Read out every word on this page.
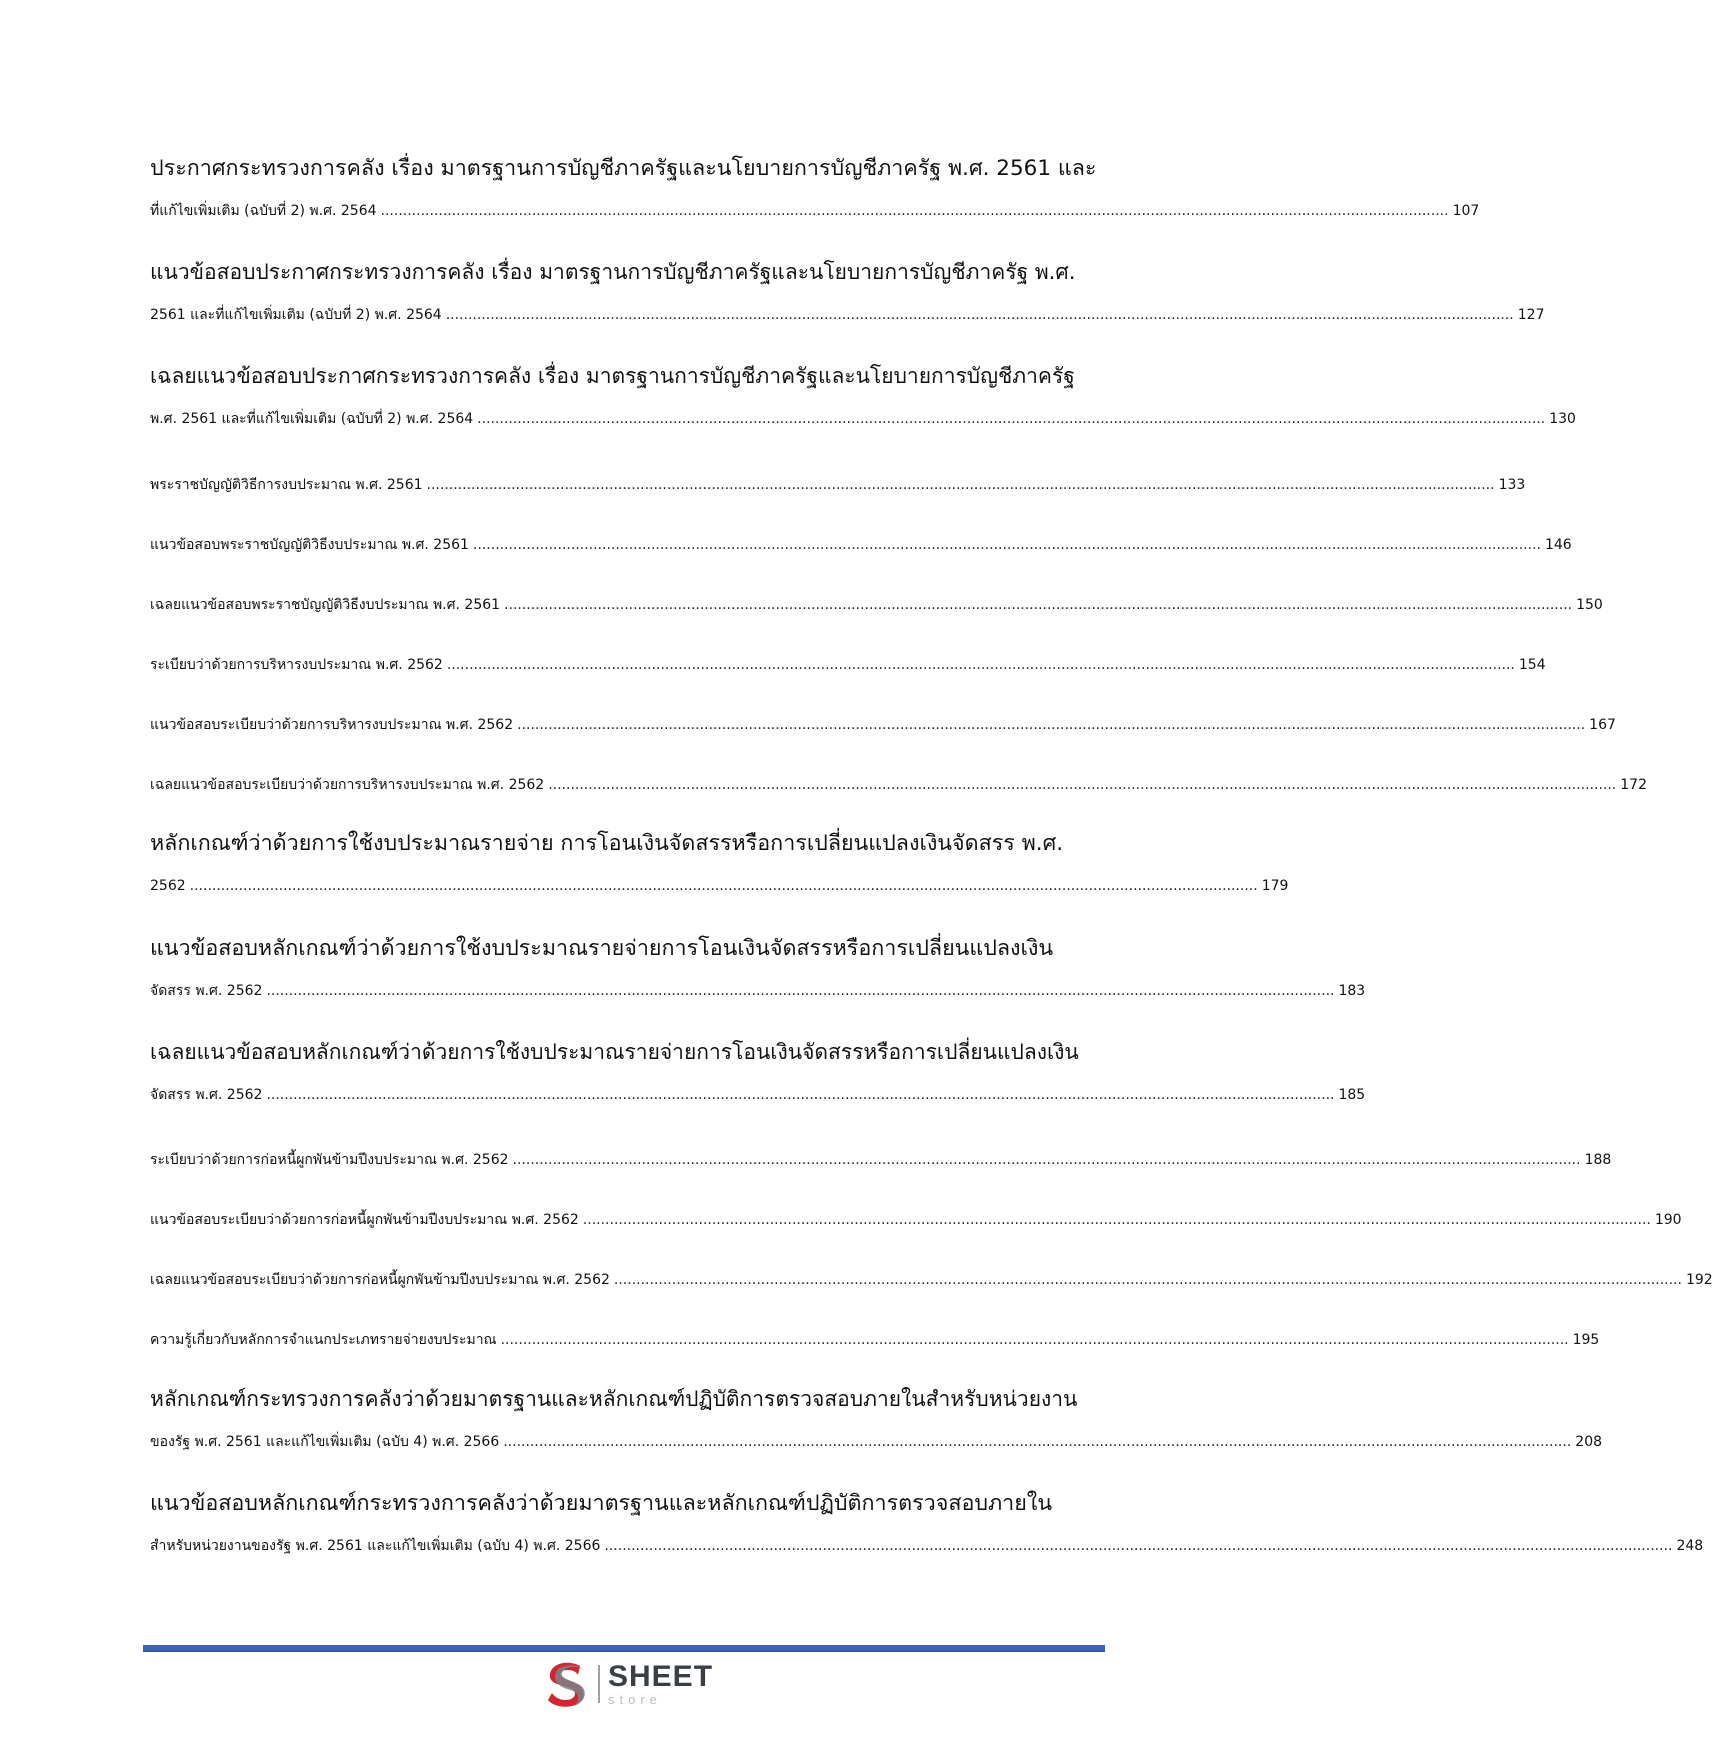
ประกาศกระทรวงการคลัง เรื่อง มาตรฐานการบัญชีภาครัฐและนโยบายการบัญชีภาครัฐ พ.ศ. 2561 และ
ที่แก้ไขเพิ่มเติม (ฉบับที่ 2) พ.ศ. 2564 .....	107
แนวข้อสอบประกาศกระทรวงการคลัง เรื่อง มาตรฐานการบัญชีภาครัฐและนโยบายการบัญชีภาครัฐ พ.ศ.
2561 และที่แก้ไขเพิ่มเติม (ฉบับที่ 2) พ.ศ. 2564 .....	127
เฉลยแนวข้อสอบประกาศกระทรวงการคลัง เรื่อง มาตรฐานการบัญชีภาครัฐและนโยบายการบัญชีภาครัฐ
พ.ศ. 2561 และที่แก้ไขเพิ่มเติม (ฉบับที่ 2) พ.ศ. 2564 .....	130
พระราชบัญญัติวิธีการงบประมาณ พ.ศ. 2561 .....	133
แนวข้อสอบพระราชบัญญัติวิธีงบประมาณ พ.ศ. 2561 .....	146
เฉลยแนวข้อสอบพระราชบัญญัติวิธีงบประมาณ พ.ศ. 2561 .....	150
ระเบียบว่าด้วยการบริหารงบประมาณ พ.ศ. 2562 .....	154
แนวข้อสอบระเบียบว่าด้วยการบริหารงบประมาณ พ.ศ. 2562 .....	167
เฉลยแนวข้อสอบระเบียบว่าด้วยการบริหารงบประมาณ พ.ศ. 2562 .....	172
หลักเกณฑ์ว่าด้วยการใช้งบประมาณรายจ่าย การโอนเงินจัดสรรหรือการเปลี่ยนแปลงเงินจัดสรร พ.ศ.
2562 .....	179
แนวข้อสอบหลักเกณฑ์ว่าด้วยการใช้งบประมาณรายจ่ายการโอนเงินจัดสรรหรือการเปลี่ยนแปลงเงิน
จัดสรร พ.ศ. 2562 .....	183
เฉลยแนวข้อสอบหลักเกณฑ์ว่าด้วยการใช้งบประมาณรายจ่ายการโอนเงินจัดสรรหรือการเปลี่ยนแปลงเงิน
จัดสรร พ.ศ. 2562 .....	185
ระเบียบว่าด้วยการก่อหนี้ผูกพันข้ามปีงบประมาณ พ.ศ. 2562 .....	188
แนวข้อสอบระเบียบว่าด้วยการก่อหนี้ผูกพันข้ามปีงบประมาณ พ.ศ. 2562 .....	190
เฉลยแนวข้อสอบระเบียบว่าด้วยการก่อหนี้ผูกพันข้ามปีงบประมาณ พ.ศ. 2562 .....	192
ความรู้เกี่ยวกับหลักการจำแนกประเภทรายจ่ายงบประมาณ .....	195
หลักเกณฑ์กระทรวงการคลังว่าด้วยมาตรฐานและหลักเกณฑ์ปฏิบัติการตรวจสอบภายในสำหรับหน่วยงาน
ของรัฐ พ.ศ. 2561 และแก้ไขเพิ่มเติม (ฉบับ 4) พ.ศ. 2566 .....	208
แนวข้อสอบหลักเกณฑ์กระทรวงการคลังว่าด้วยมาตรฐานและหลักเกณฑ์ปฏิบัติการตรวจสอบภายใน
สำหรับหน่วยงานของรัฐ พ.ศ. 2561 และแก้ไขเพิ่มเติม (ฉบับ 4) พ.ศ. 2566 .....	248
SHEET
store
